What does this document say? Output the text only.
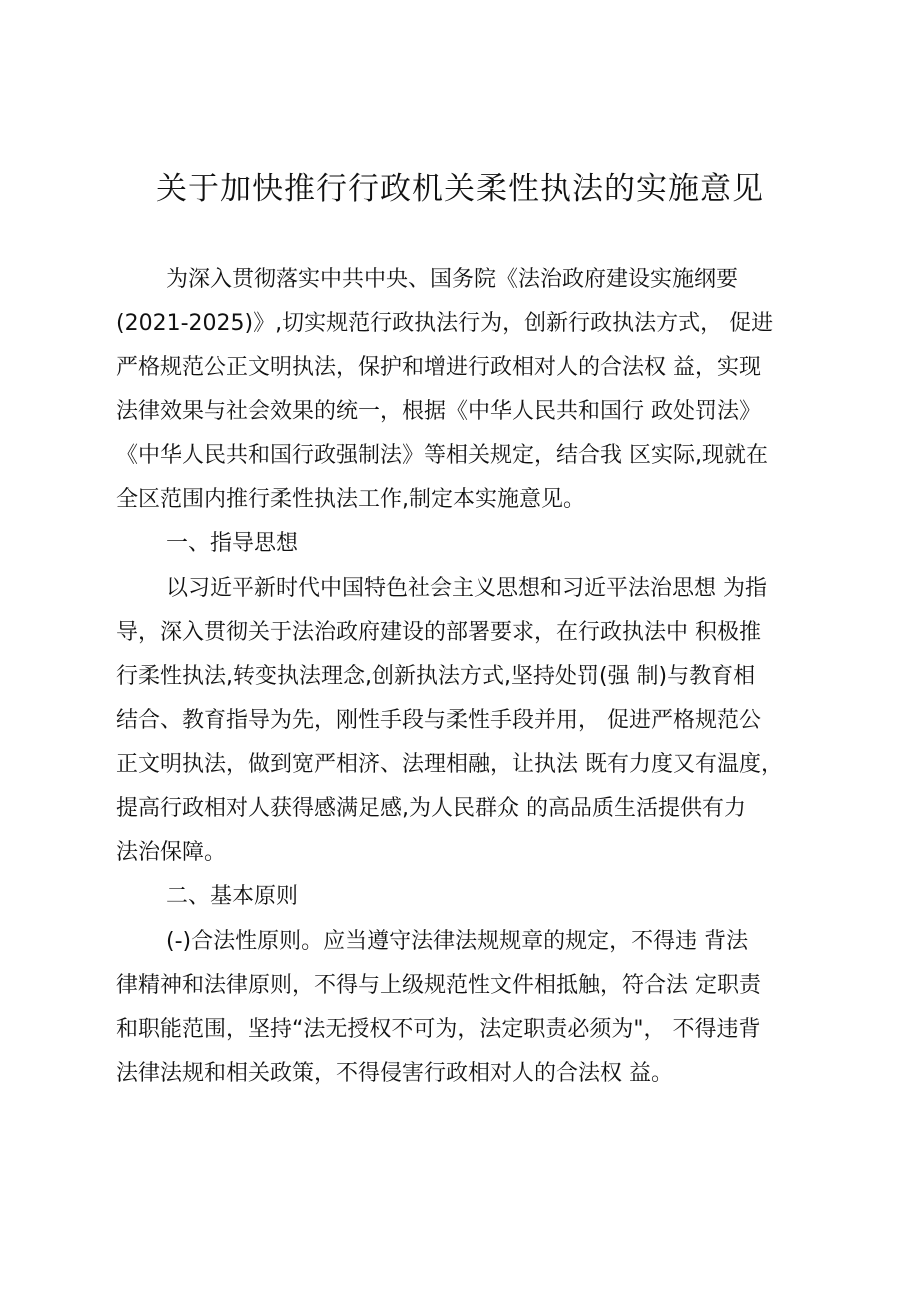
关于加快推行行政机关柔性执法的实施意见

为深入贯彻落实中共中央、国务院《法治政府建设实施纲要

(2021-2025)》,切实规范行政执法行为，创新行政执法方式， 促进

严格规范公正文明执法，保护和增进行政相对人的合法权 益，实现

法律效果与社会效果的统一，根据《中华人民共和国行 政处罚法》

《中华人民共和国行政强制法》等相关规定，结合我 区实际,现就在

全区范围内推行柔性执法工作,制定本实施意见。

一、指导思想

以习近平新时代中国特色社会主义思想和习近平法治思想 为指

导，深入贯彻关于法治政府建设的部署要求，在行政执法中 积极推

行柔性执法,转变执法理念,创新执法方式,坚持处罚(强 制)与教育相

结合、教育指导为先，刚性手段与柔性手段并用， 促进严格规范公

正文明执法，做到宽严相济、法理相融，让执法 既有力度又有温度，

提高行政相对人获得感满足感,为人民群众 的高品质生活提供有力

法治保障。

二、基本原则

(-)合法性原则。应当遵守法律法规规章的规定，不得违 背法

律精神和法律原则，不得与上级规范性文件相抵触，符合法 定职责

和职能范围，坚持“法无授权不可为，法定职责必须为"， 不得违背

法律法规和相关政策，不得侵害行政相对人的合法权 益。
